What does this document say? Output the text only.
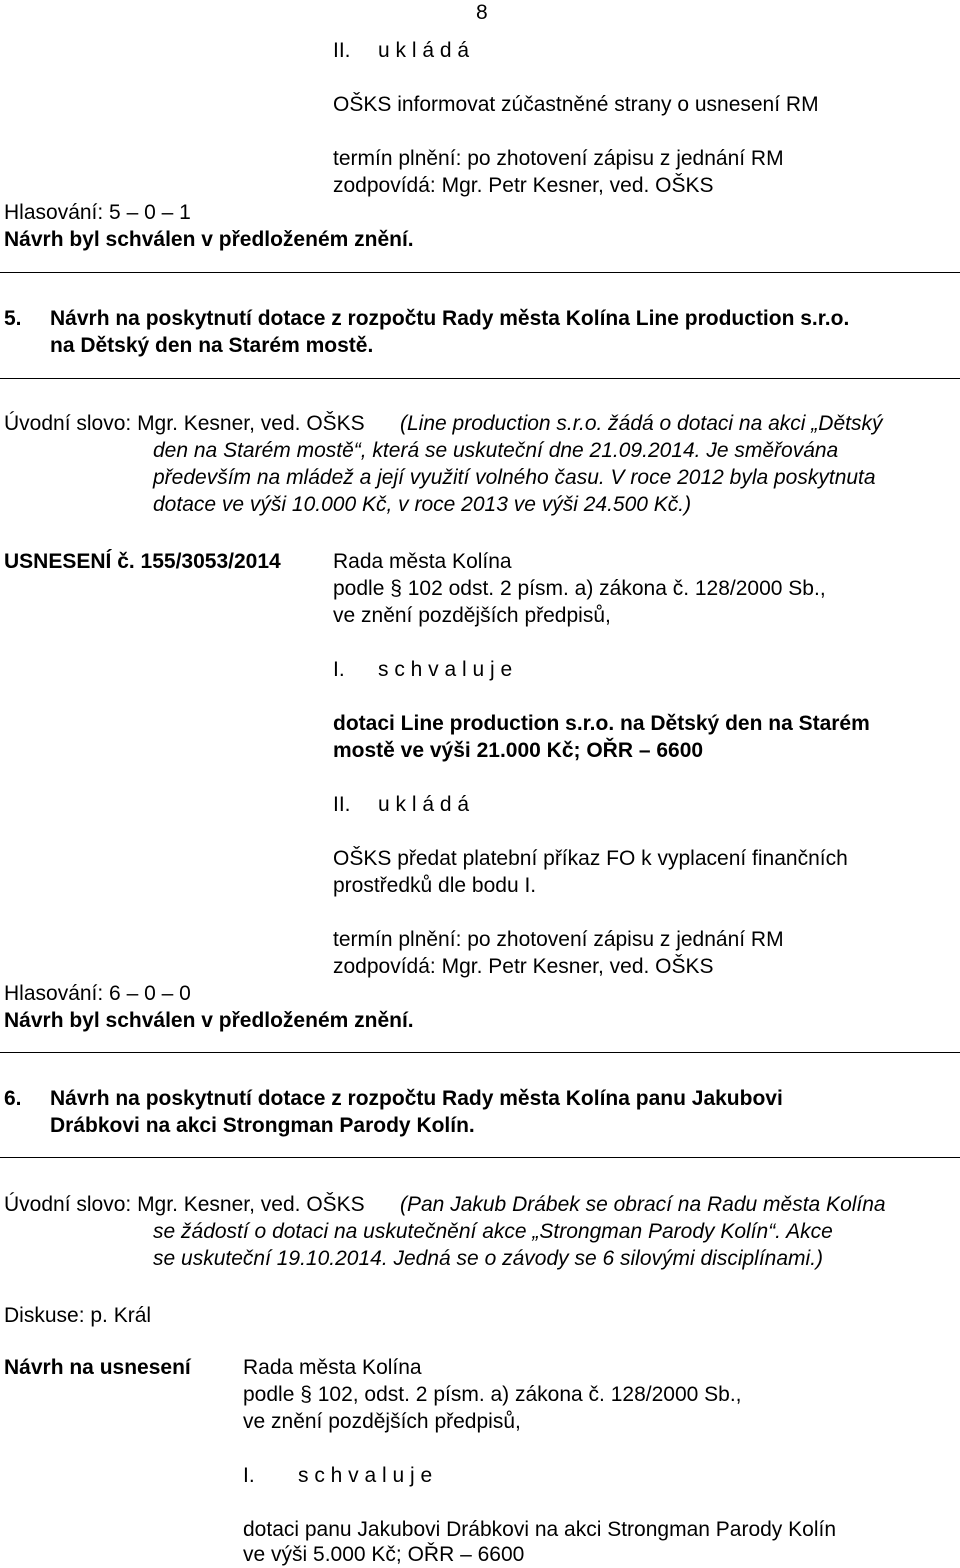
8
II. u k l á d á
OŠKS informovat zúčastněné strany o usnesení RM
termín plnění: po zhotovení zápisu z jednání RM
zodpovídá: Mgr. Petr Kesner, ved. OŠKS
Hlasování: 5 – 0 – 1
Návrh byl schválen v předloženém znění.
5. Návrh na poskytnutí dotace z rozpočtu Rady města Kolína Line production s.r.o.
na Dětský den na Starém mostě.
Úvodní slovo: Mgr. Kesner, ved. OŠKS (Line production s.r.o. žádá o dotaci na akci „Dětský
den na Starém mostě“, která se uskuteční dne 21.09.2014. Je směřována
především na mládež a její využití volného času. V roce 2012 byla poskytnuta
dotace ve výši 10.000 Kč, v roce 2013 ve výši 24.500 Kč.)
USNESENÍ č. 155/3053/2014 Rada města Kolína
podle § 102 odst. 2 písm. a) zákona č. 128/2000 Sb.,
ve znění pozdějších předpisů,
I. s c h v a l u j e
dotaci Line production s.r.o. na Dětský den na Starém
mostě ve výši 21.000 Kč; OŘR – 6600
II. u k l á d á
OŠKS předat platební příkaz FO k vyplacení finančních
prostředků dle bodu I.
termín plnění: po zhotovení zápisu z jednání RM
zodpovídá: Mgr. Petr Kesner, ved. OŠKS
Hlasování: 6 – 0 – 0
Návrh byl schválen v předloženém znění.
6. Návrh na poskytnutí dotace z rozpočtu Rady města Kolína panu Jakubovi
Drábkovi na akci Strongman Parody Kolín.
Úvodní slovo: Mgr. Kesner, ved. OŠKS (Pan Jakub Drábek se obrací na Radu města Kolína
se žádostí o dotaci na uskutečnění akce „Strongman Parody Kolín“. Akce
se uskuteční 19.10.2014. Jedná se o závody se 6 silovými disciplínami.)
Diskuse: p. Král
Návrh na usnesení Rada města Kolína
podle § 102, odst. 2 písm. a) zákona č. 128/2000 Sb.,
ve znění pozdějších předpisů,
I. s c h v a l u j e
dotaci panu Jakubovi Drábkovi na akci Strongman Parody Kolín
ve výši 5.000 Kč; OŘR – 6600
